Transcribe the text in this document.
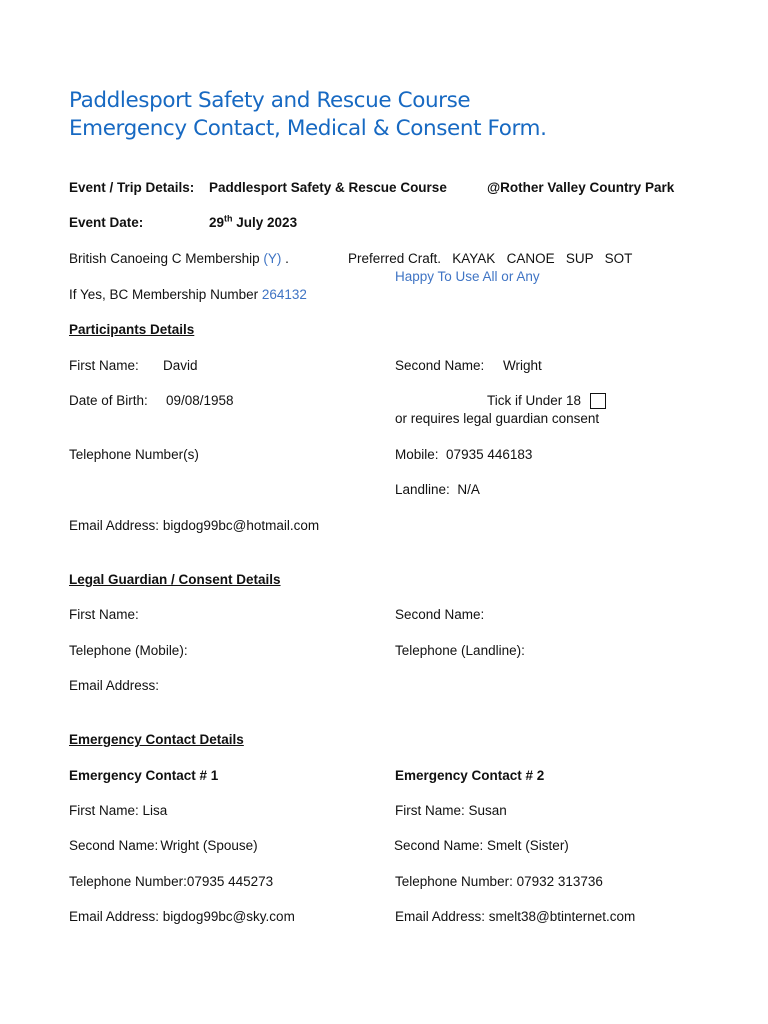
Paddlesport Safety and Rescue Course
Emergency Contact, Medical & Consent Form.
Event / Trip Details: Paddlesport Safety & Rescue Course	@Rother Valley Country Park
Event Date:	29th July 2023
British Canoeing C Membership (Y) .	Preferred Craft. KAYAK   CANOE   SUP   SOT
Happy To Use All or Any
If Yes, BC Membership Number 264132
Participants Details
First Name: David	Second Name: Wright
Date of Birth: 09/08/1958	Tick if Under 18
or requires legal guardian consent
Telephone Number(s)	Mobile: 07935 446183
Landline: N/A
Email Address: bigdog99bc@hotmail.com
Legal Guardian / Consent Details
First Name:	Second Name:
Telephone (Mobile):	Telephone (Landline):
Email Address:
Emergency Contact Details
Emergency Contact # 1	Emergency Contact # 2
First Name: Lisa	First Name: Susan
Second Name: Wright (Spouse)	Second Name: Smelt (Sister)
Telephone Number:07935 445273	Telephone Number: 07932 313736
Email Address: bigdog99bc@sky.com	Email Address: smelt38@btinternet.com
